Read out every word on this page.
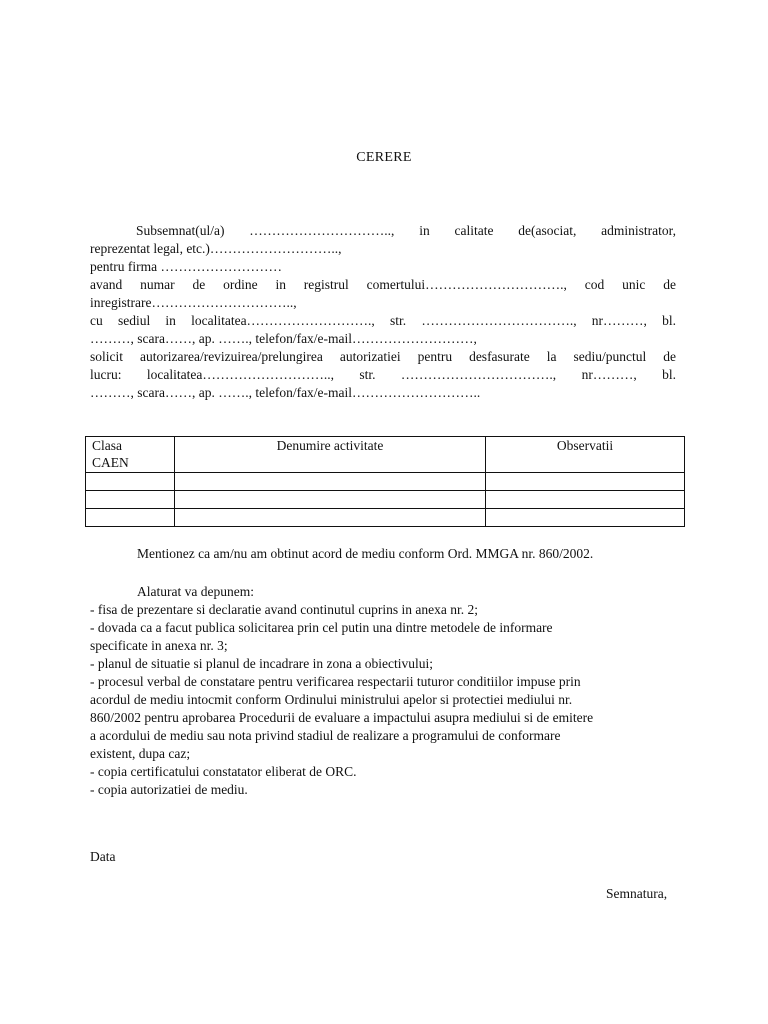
CERERE
Subsemnat(ul/a) ………………………….., in calitate de(asociat, administrator,
reprezentat legal, etc.)………………………..,
pentru firma ………………………
avand numar de ordine in registrul comertului…………………………., cod unic de
inregistrare…………………………..,
cu sediul in localitatea………………………., str. ……………………………., nr………, bl.
………, scara……, ap. ……., telefon/fax/e-mail………………………,
solicit autorizarea/revizuirea/prelungirea autorizatiei pentru desfasurate la sediu/punctul de
lucru: localitatea……………………….., str. ……………………………., nr………, bl.
………, scara……, ap. ……., telefon/fax/e-mail………………………..
Clasa
CAEN	Denumire activitate	Observatii

Mentionez ca am/nu am obtinut acord de mediu conform Ord. MMGA nr. 860/2002.
Alaturat va depunem:
- fisa de prezentare si declaratie avand continutul cuprins in anexa nr. 2;
- dovada ca a facut publica solicitarea prin cel putin una dintre metodele de informare
specificate in anexa nr. 3;
- planul de situatie si planul de incadrare in zona a obiectivului;
- procesul verbal de constatare pentru verificarea respectarii tuturor conditiilor impuse prin
acordul de mediu intocmit conform Ordinului ministrului apelor si protectiei mediului nr.
860/2002 pentru aprobarea Procedurii de evaluare a impactului asupra mediului si de emitere
a acordului de mediu sau nota privind stadiul de realizare a programului de conformare
existent, dupa caz;
- copia certificatului constatator eliberat de ORC.
- copia autorizatiei de mediu.
Data
Semnatura,
